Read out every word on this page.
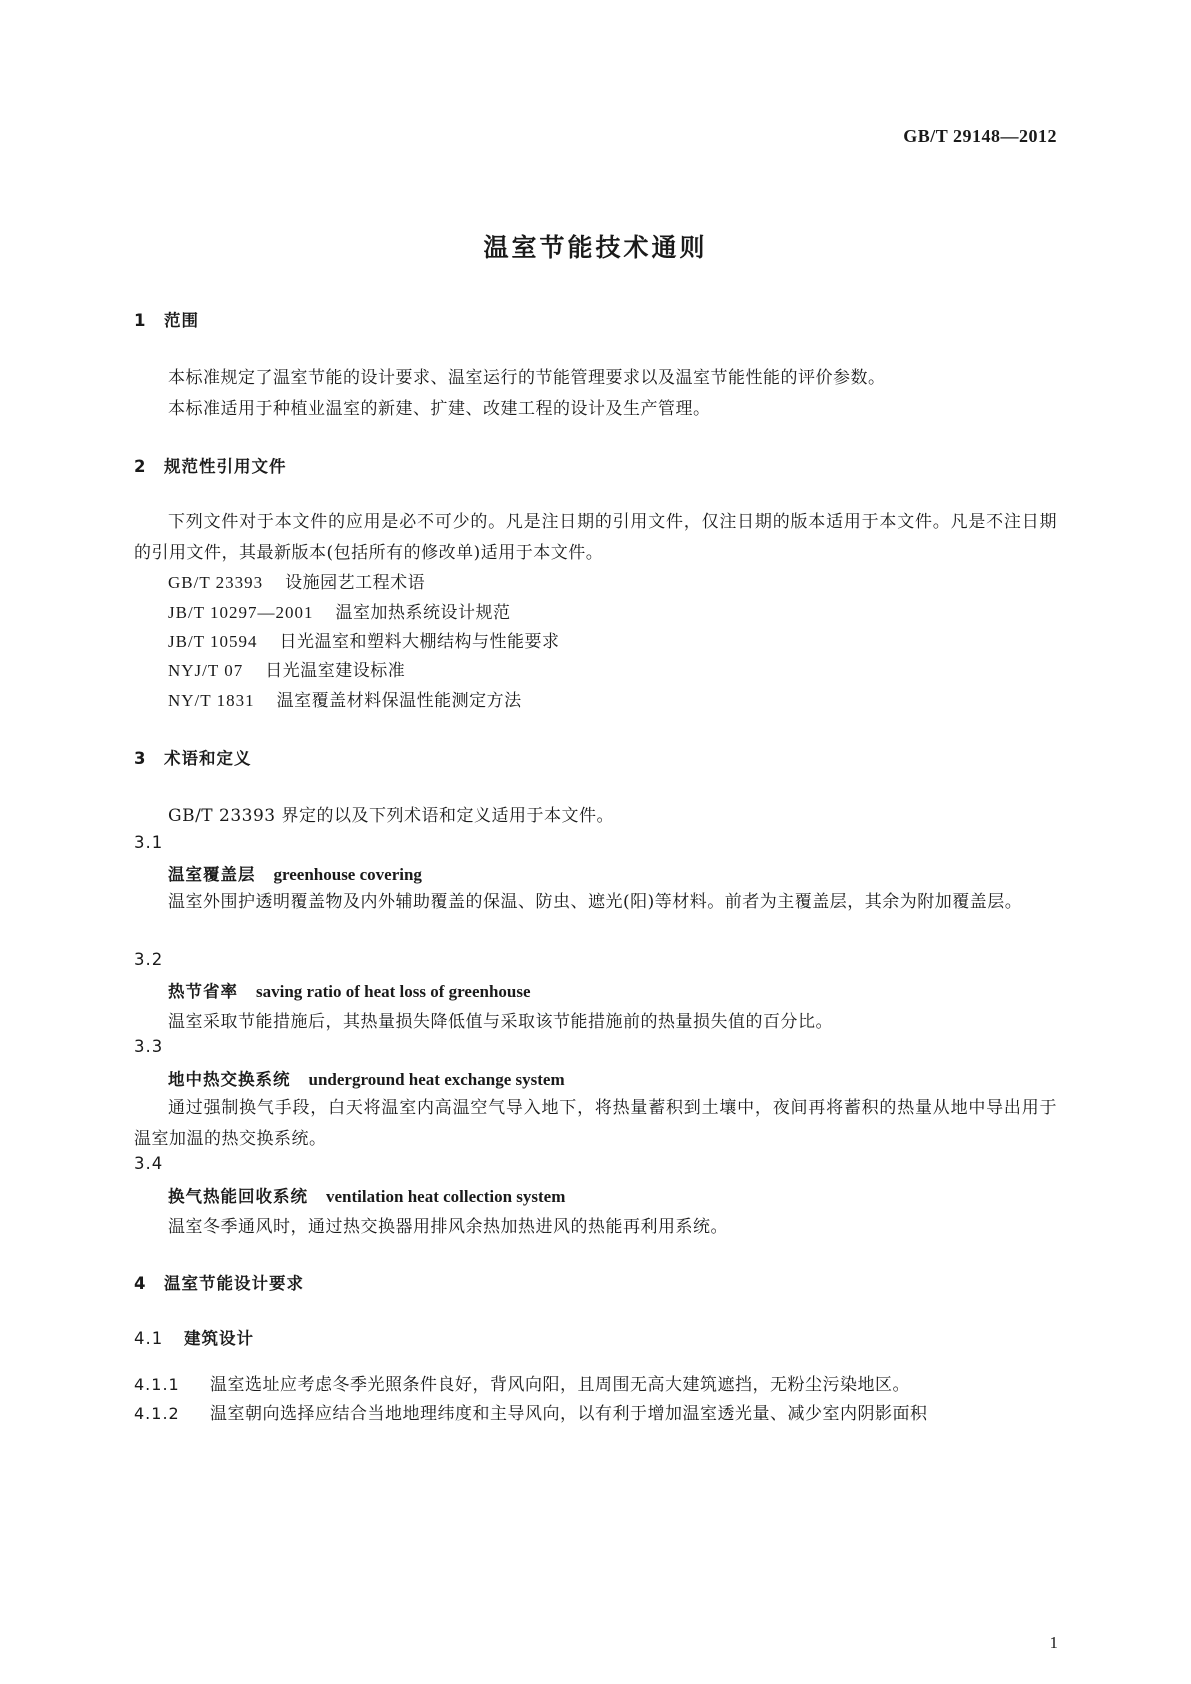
GB/T 29148—2012
温室节能技术通则
1 范围
本标准规定了温室节能的设计要求、温室运行的节能管理要求以及温室节能性能的评价参数。
本标准适用于种植业温室的新建、扩建、改建工程的设计及生产管理。
2 规范性引用文件
下列文件对于本文件的应用是必不可少的。凡是注日期的引用文件，仅注日期的版本适用于本文件。凡是不注日期的引用文件，其最新版本(包括所有的修改单)适用于本文件。
GB/T 23393 设施园艺工程术语
JB/T 10297—2001 温室加热系统设计规范
JB/T 10594 日光温室和塑料大棚结构与性能要求
NYJ/T 07 日光温室建设标准
NY/T 1831 温室覆盖材料保温性能测定方法
3 术语和定义
GB/T 23393 界定的以及下列术语和定义适用于本文件。
3.1
温室覆盖层 greenhouse covering
温室外围护透明覆盖物及内外辅助覆盖的保温、防虫、遮光(阳)等材料。前者为主覆盖层，其余为附加覆盖层。
3.2
热节省率 saving ratio of heat loss of greenhouse
温室采取节能措施后，其热量损失降低值与采取该节能措施前的热量损失值的百分比。
3.3
地中热交换系统 underground heat exchange system
通过强制换气手段，白天将温室内高温空气导入地下，将热量蓄积到土壤中，夜间再将蓄积的热量从地中导出用于温室加温的热交换系统。
3.4
换气热能回收系统 ventilation heat collection system
温室冬季通风时，通过热交换器用排风余热加热进风的热能再利用系统。
4 温室节能设计要求
4.1 建筑设计
4.1.1 温室选址应考虑冬季光照条件良好，背风向阳，且周围无高大建筑遮挡，无粉尘污染地区。
4.1.2 温室朝向选择应结合当地地理纬度和主导风向，以有利于增加温室透光量、减少室内阴影面积
1
